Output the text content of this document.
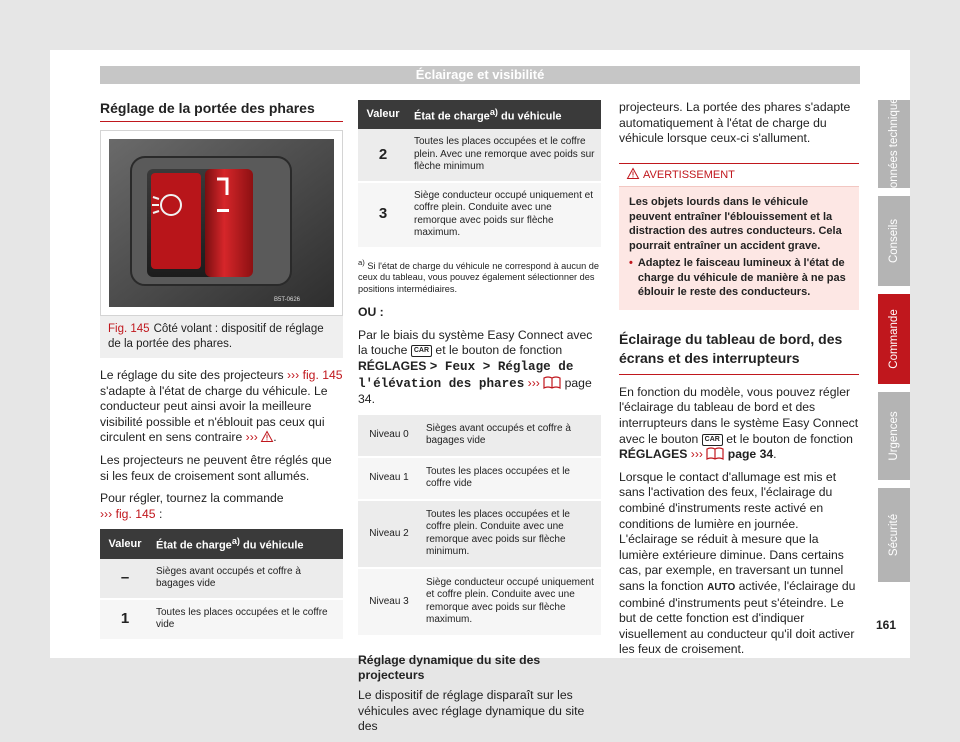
Éclairage et visibilité
Réglage de la portée des phares
B5T-0626
Fig. 145 Côté volant : dispositif de réglage de la portée des phares.

Le réglage du site des projecteurs ››› fig. 145 s'adapte à l'état de charge du véhicule. Le conducteur peut ainsi avoir la meilleure visibilité possible et n'éblouit pas ceux qui circulent en sens contraire ››› .

Les projecteurs ne peuvent être réglés que si les feux de croisement sont allumés.

Pour régler, tournez la commande
››› fig. 145 :

Valeur	État de charge$^{a)}$ du véhicule
–	Sièges avant occupés et coffre à bagages vide
1	Toutes les places occupées et le coffre vide
Valeur	État de charge$^{a)}$ du véhicule
2	Toutes les places occupées et le coffre plein. Avec une remorque avec poids sur flèche minimum
3	Siège conducteur occupé uniquement et coffre plein. Conduite avec une remorque avec poids sur flèche maximum.
$^{a)}$ Si l'état de charge du véhicule ne correspond à aucun de ceux du tableau, vous pouvez également sélectionner des positions intermédiaires.

OU :

Par le biais du système Easy Connect avec la touche CAR et le bouton de fonction RÉGLAGES > Feux > Réglage de l'élévation des phares ››› page 34.

Niveau 0	Sièges avant occupés et coffre à bagages vide
Niveau 1	Toutes les places occupées et le coffre vide
Niveau 2	Toutes les places occupées et le coffre plein. Conduite avec une remorque avec poids sur flèche minimum.
Niveau 3	Siège conducteur occupé uniquement et coffre plein. Conduite avec une remorque avec poids sur flèche maximum.

Réglage dynamique du site des projecteurs

Le dispositif de réglage disparaît sur les véhicules avec réglage dynamique du site des

projecteurs. La portée des phares s'adapte automatiquement à l'état de charge du véhicule lorsque ceux-ci s'allument.

AVERTISSEMENT
Les objets lourds dans le véhicule peuvent entraîner l'éblouissement et la distraction des autres conducteurs. Cela pourrait entraîner un accident grave.
• Adaptez le faisceau lumineux à l'état de charge du véhicule de manière à ne pas éblouir le reste des conducteurs.
Éclairage du tableau de bord, des écrans et des interrupteurs

En fonction du modèle, vous pouvez régler l'éclairage du tableau de bord et des interrupteurs dans le système Easy Connect avec le bouton CAR et le bouton de fonction RÉGLAGES ››› page 34.

Lorsque le contact d'allumage est mis et sans l'activation des feux, l'éclairage du combiné d'instruments reste activé en conditions de lumière en journée. L'éclairage se réduit à mesure que la lumière extérieure diminue. Dans certains cas, par exemple, en traversant un tunnel sans la fonction AUTO activée, l'éclairage du combiné d'instruments peut s'éteindre. Le but de cette fonction est d'indiquer visuellement au conducteur qu'il doit activer les feux de croisement.

Données techniques
Conseils
Commande
Urgences
Sécurité
161
